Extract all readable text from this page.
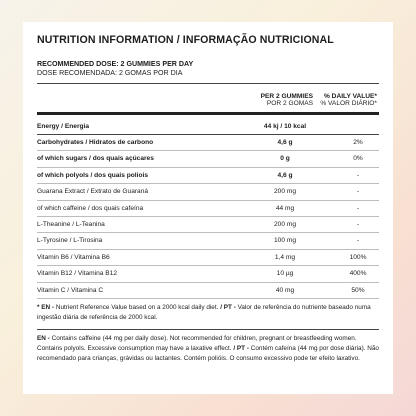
NUTRITION INFORMATION / INFORMAÇÃO NUTRICIONAL
RECOMMENDED DOSE: 2 GUMMIES PER DAY
DOSE RECOMENDADA: 2 GOMAS POR DIA
PER 2 GUMMIES
POR 2 GOMAS
% DAILY VALUE*
% VALOR DIÁRIO*
Energy / Energia	44 kj / 10 kcal
Carbohydrates / Hidratos de carbono	4,6 g	2%
of which sugars / dos quais açúcares	0 g	0%
of which polyols / dos quais poliois	4,6 g	-
Guarana Extract / Extrato de Guaraná	200 mg	-
of which caffeine / dos quais cafeína	44 mg	-
L-Theanine / L-Teanina	200 mg	-
L-Tyrosine / L-Tirosina	100 mg	-
Vitamin B6 / Vitamina B6	1,4 mg	100%
Vitamin B12 / Vitamina B12	10 µg	400%
Vitamin C / Vitamina C	40 mg	50%
* EN - Nutrient Reference Value based on a 2000 kcal daily diet. / PT - Valor de referência do nutriente baseado numa ingestão diária de referência de 2000 kcal.
EN - Contains caffeine (44 mg per daily dose). Not recommended for children, pregnant or breastfeeding women. Contains polyols. Excessive consumption may have a laxative effect. / PT - Contém cafeína (44 mg por dose diária). Não recomendado para crianças, grávidas ou lactantes. Contém polióis. O consumo excessivo pode ter efeito laxativo.
